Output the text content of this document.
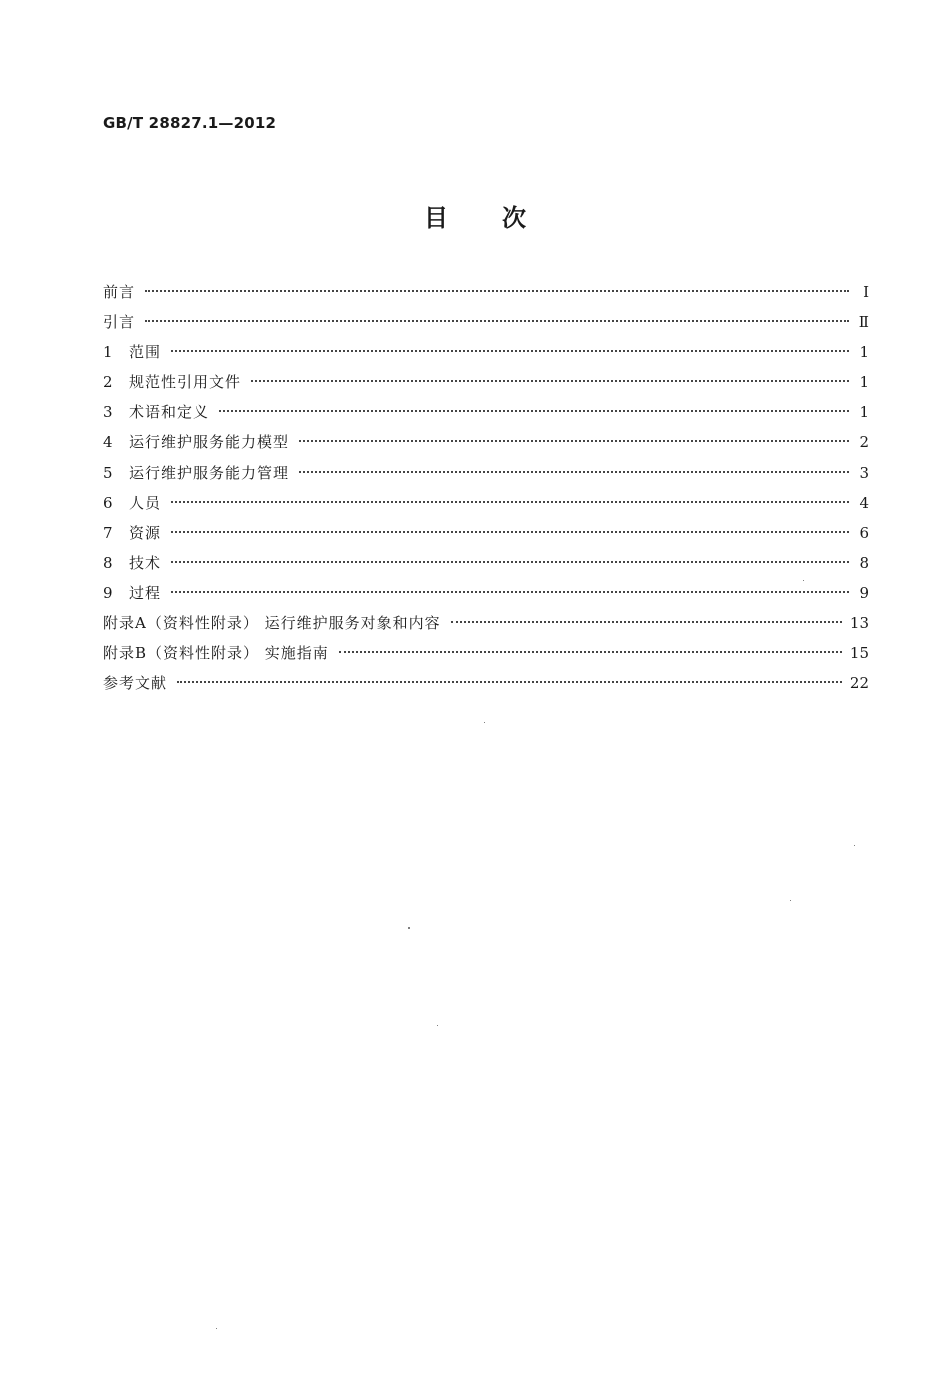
GB/T 28827.1—2012
目次
前言	Ⅰ
引言	Ⅱ
1	范围	1
2	规范性引用文件	1
3	术语和定义	1
4	运行维护服务能力模型	2
5	运行维护服务能力管理	3
6	人员	4
7	资源	6
8	技术	8
9	过程	9
附录A（资料性附录） 运行维护服务对象和内容	13
附录B（资料性附录） 实施指南	15
参考文献	22
